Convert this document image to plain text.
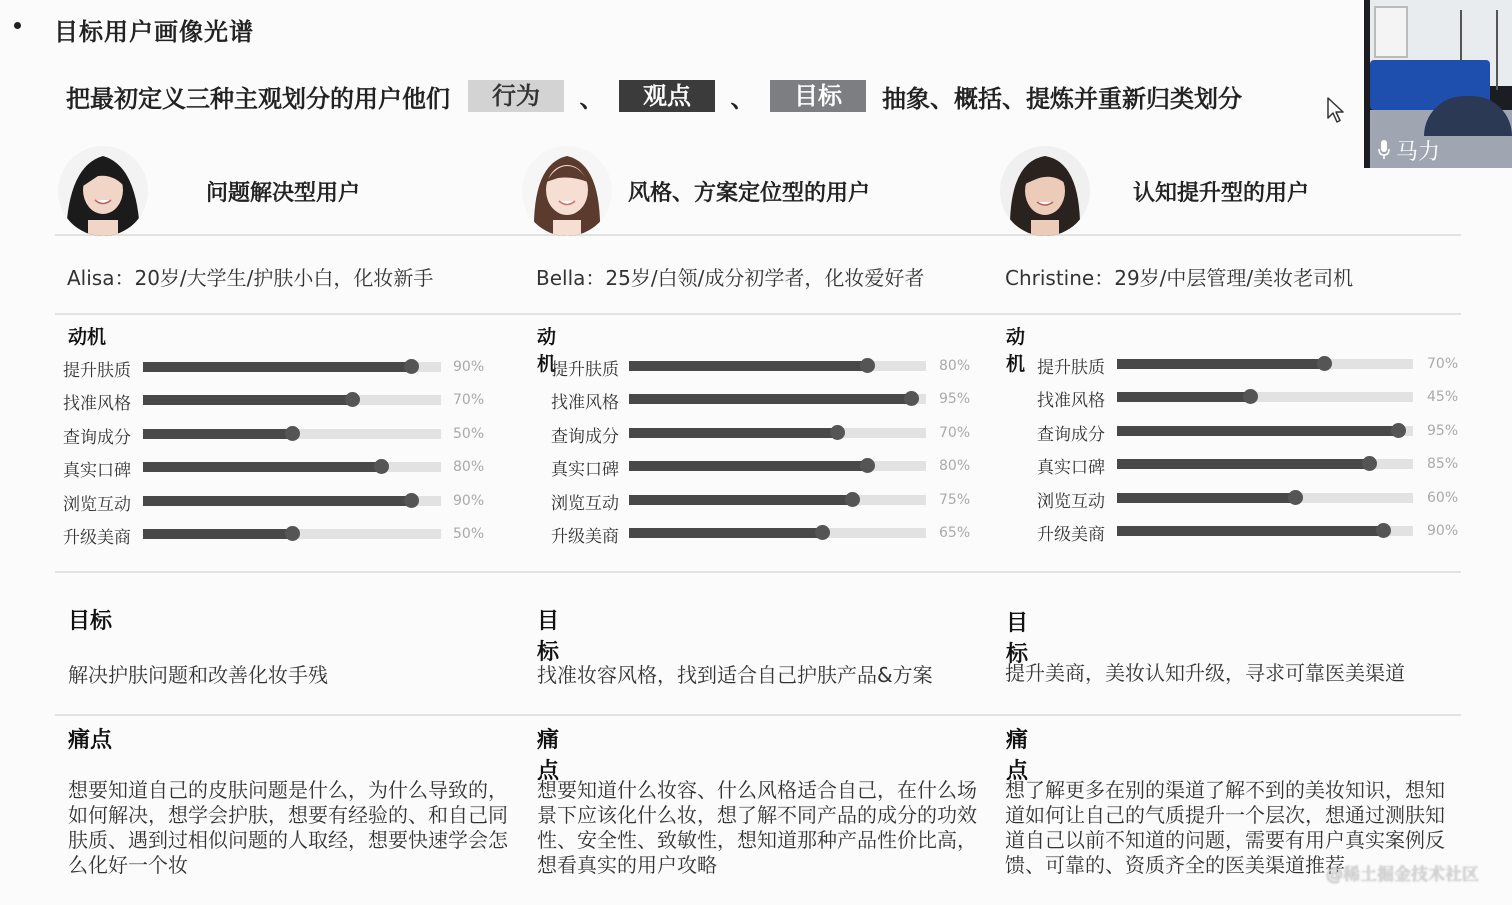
目标用户画像光谱
把最初定义三种主观划分的用户他们	行为	、	观点	、	目标	抽象、概括、提炼并重新归类划分
马力
问题解决型用户
Alisa：20岁/大学生/护肤小白，化妆新手
动机
目标
解决护肤问题和改善化妆手残
痛点
想要知道自己的皮肤问题是什么，为什么导致的，如何解决，想学会护肤，想要有经验的、和自己同肤质、遇到过相似问题的人取经，想要快速学会怎么化好一个妆
风格、方案定位型的用户
Bella：25岁/白领/成分初学者，化妆爱好者
动机
目标
找准妆容风格，找到适合自己护肤产品&方案
痛点
想要知道什么妆容、什么风格适合自己，在什么场景下应该化什么妆，想了解不同产品的成分的功效性、安全性、致敏性，想知道那种产品性价比高，想看真实的用户攻略
认知提升型的用户
Christine：29岁/中层管理/美妆老司机
动机
目标
提升美商，美妆认知升级，寻求可靠医美渠道
痛点
想了解更多在别的渠道了解不到的美妆知识，想知道如何让自己的气质提升一个层次，想通过测肤知道自己以前不知道的问题，需要有用户真实案例反馈、可靠的、资质齐全的医美渠道推荐
@稀土掘金技术社区
提升肤质	90%
找准风格	70%
查询成分	50%
真实口碑	80%
浏览互动	90%
升级美商	50%
提升肤质	80%
找准风格	95%
查询成分	70%
真实口碑	80%
浏览互动	75%
升级美商	65%
提升肤质	70%
找准风格	45%
查询成分	95%
真实口碑	85%
浏览互动	60%
升级美商	90%
